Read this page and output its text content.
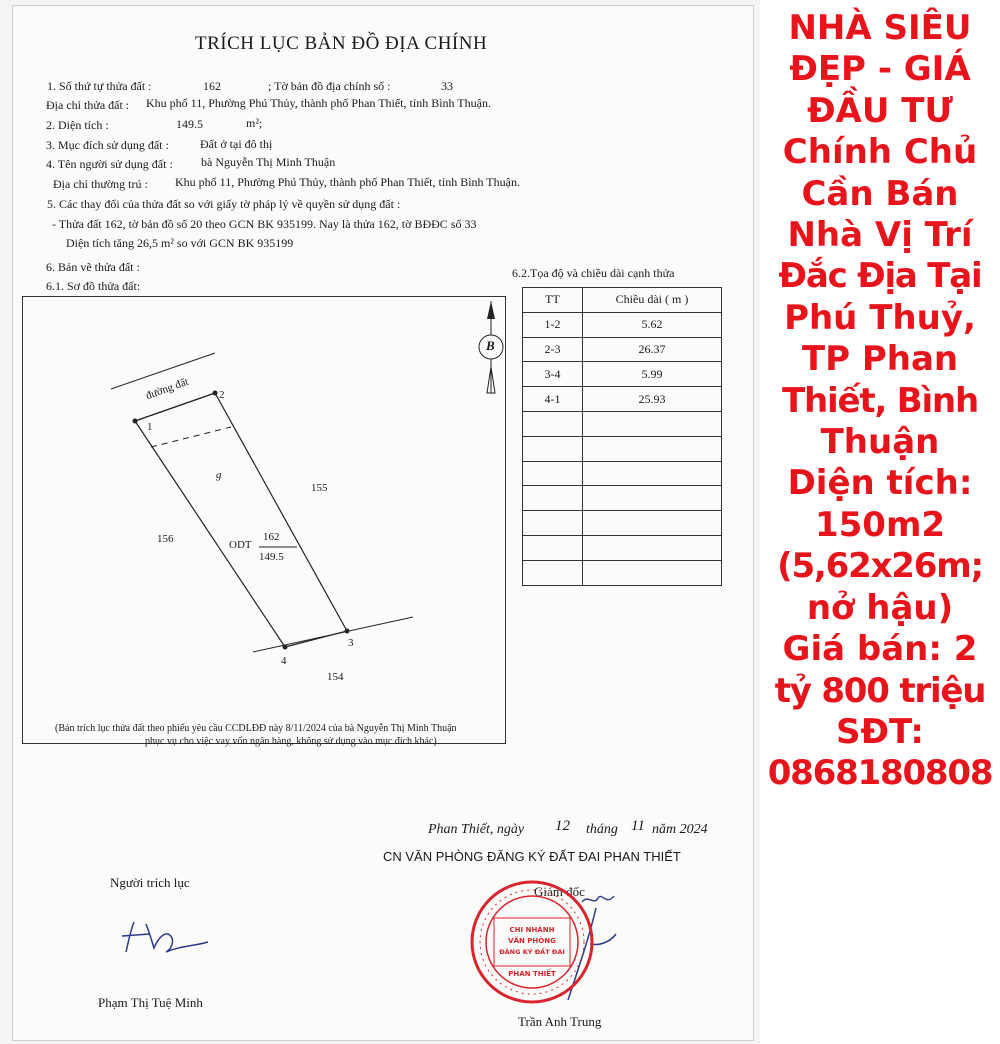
TRÍCH LỤC BẢN ĐỒ ĐỊA CHÍNH
1. Số thứ tự thửa đất :	162	; Tờ bản đồ địa chính số :	33
Địa chỉ thửa đất : Khu phố 11, Phường Phú Thủy, thành phố Phan Thiết, tỉnh Bình Thuận.
2. Diện tích :	149.5	m²;
3. Mục đích sử dụng đất :	Đất ở tại đô thị
4. Tên người sử dụng đất : bà Nguyễn Thị Minh Thuận
Địa chỉ thường trú : Khu phố 11, Phường Phú Thủy, thành phố Phan Thiết, tỉnh Bình Thuận.
5. Các thay đổi của thửa đất so với giấy tờ pháp lý về quyền sử dụng đất :
- Thửa đất 162, tờ bản đồ số 20 theo GCN BK 935199. Nay là thửa 162, tờ BĐĐC số 33
Diện tích tăng 26,5 m² so với GCN BK 935199
6. Bản vẽ thửa đất :
6.1. Sơ đồ thửa đất:
6.2.Tọa độ và chiều dài cạnh thửa
đường đất
B
1
2
3
4
g
ODT
162
149.5
155
156
154
(Bản trích lục thửa đất theo phiếu yêu cầu CCDLĐĐ này 8/11/2024 của bà Nguyễn Thị Minh Thuận
phục vụ cho việc vay vốn ngân hàng, không sử dụng vào mục đích khác)
TT	Chiều dài ( m )
1-2	5.62
2-3	26.37
3-4	5.99
4-1	25.93

Phan Thiết, ngày 12 tháng 11 năm 2024
CN VĂN PHÒNG ĐĂNG KÝ ĐẤT ĐAI PHAN THIẾT
Người trích lục
Giám đốc
CHI NHÁNH
VĂN PHÒNG
ĐĂNG KÝ ĐẤT ĐAI
PHAN THIẾT
Phạm Thị Tuệ Minh
Trần Anh Trung
NHÀ SIÊU
ĐẸP - GIÁ
ĐẦU TƯ
Chính Chủ
Cần Bán
Nhà Vị Trí
Đắc Địa Tại
Phú Thuỷ,
TP Phan
Thiết, Bình
Thuận
Diện tích:
150m2
(5,62x26m;
nở hậu)
Giá bán: 2
tỷ 800 triệu
SĐT:
0868180808
